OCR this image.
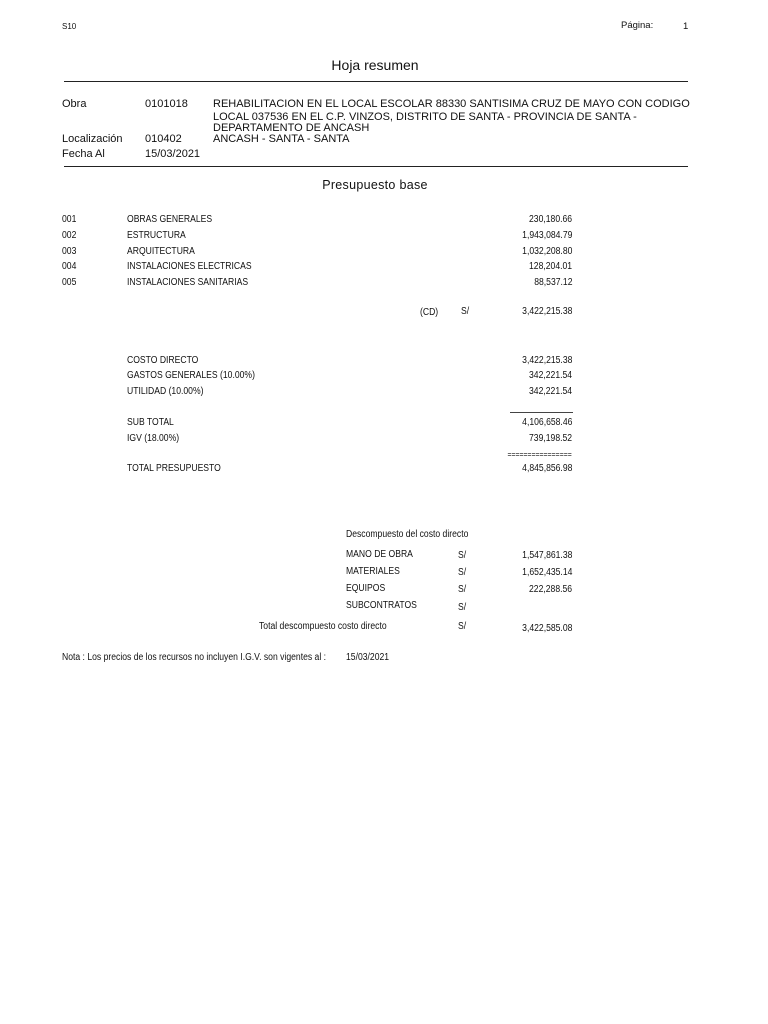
S10	Página:	1
Hoja resumen
Obra	0101018 REHABILITACION EN EL LOCAL ESCOLAR 88330 SANTISIMA CRUZ DE MAYO CON CODIGO
LOCAL 037536 EN EL C.P. VINZOS, DISTRITO DE SANTA - PROVINCIA DE SANTA -
DEPARTAMENTO DE ANCASH
Localización 010402	ANCASH - SANTA - SANTA
Fecha Al	15/03/2021
Presupuesto base
001	OBRAS GENERALES	230,180.66
002	ESTRUCTURA	1,943,084.79
003	ARQUITECTURA	1,032,208.80
004	INSTALACIONES ELECTRICAS	128,204.01
005	INSTALACIONES SANITARIAS	88,537.12
(CD) S/	3,422,215.38
COSTO DIRECTO	3,422,215.38
GASTOS GENERALES (10.00%)	342,221.54
UTILIDAD (10.00%)	342,221.54
SUB TOTAL	4,106,658.46
IGV (18.00%)	739,198.52
================
TOTAL PRESUPUESTO	4,845,856.98
Descompuesto del costo directo
MANO DE OBRA	S/	1,547,861.38
MATERIALES	S/	1,652,435.14
EQUIPOS	S/	222,288.56
SUBCONTRATOS	S/
Total descompuesto costo directo	S/	3,422,585.08
Nota : Los precios de los recursos no incluyen I.G.V. son vigentes al : 15/03/2021
